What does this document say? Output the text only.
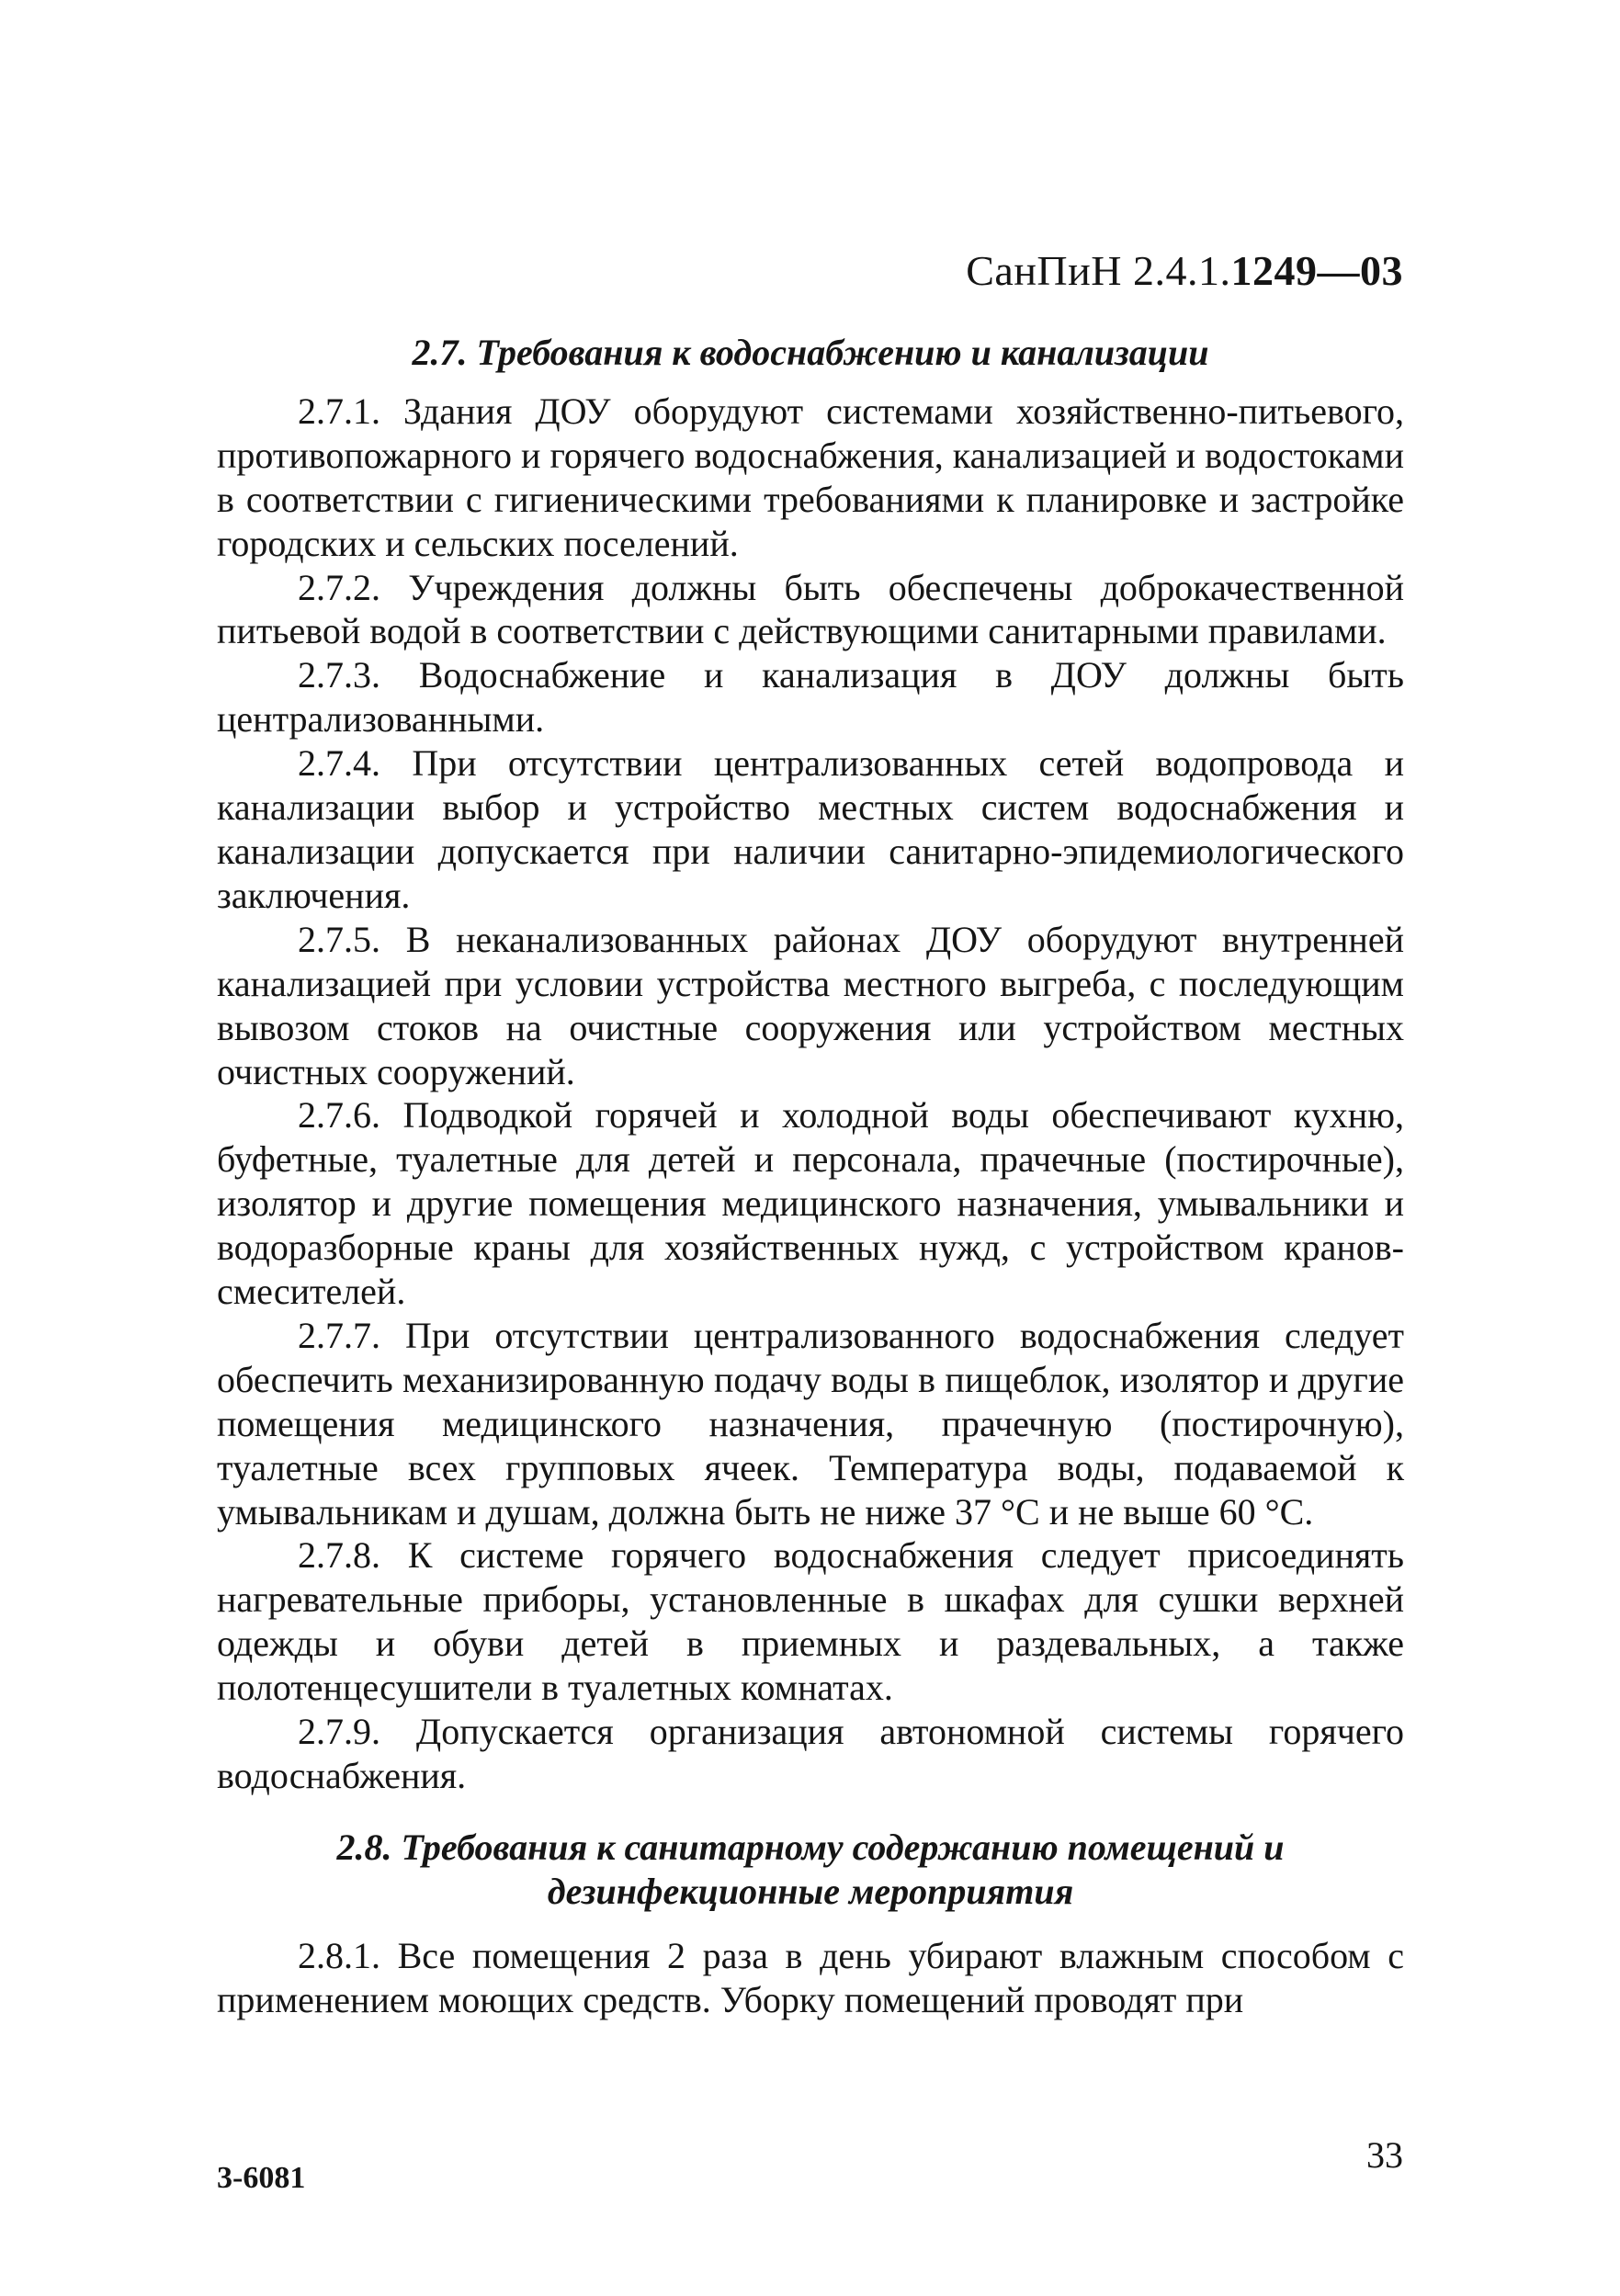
СанПиН 2.4.1.1249—03
2.7. Требования к водоснабжению и канализации

2.7.1. Здания ДОУ оборудуют системами хозяйственно-питьевого, противопожарного и горячего водоснабжения, канализацией и водостоками в соответствии с гигиеническими требованиями к планировке и застройке городских и сельских поселений.

2.7.2. Учреждения должны быть обеспечены доброкачественной питьевой водой в соответствии с действующими санитарными правилами.

2.7.3. Водоснабжение и канализация в ДОУ должны быть централизованными.

2.7.4. При отсутствии централизованных сетей водопровода и канализации выбор и устройство местных систем водоснабжения и канализации допускается при наличии санитарно-эпидемиологического заключения.

2.7.5. В неканализованных районах ДОУ оборудуют внутренней канализацией при условии устройства местного выгреба, с последующим вывозом стоков на очистные сооружения или устройством местных очистных сооружений.

2.7.6. Подводкой горячей и холодной воды обеспечивают кухню, буфетные, туалетные для детей и персонала, прачечные (постирочные), изолятор и другие помещения медицинского назначения, умывальники и водоразборные краны для хозяйственных нужд, с устройством кранов-смесителей.

2.7.7. При отсутствии централизованного водоснабжения следует обеспечить механизированную подачу воды в пищеблок, изолятор и другие помещения медицинского назначения, прачечную (постирочную), туалетные всех групповых ячеек. Температура воды, подаваемой к умывальникам и душам, должна быть не ниже 37 °С и не выше 60 °С.

2.7.8. К системе горячего водоснабжения следует присоединять нагревательные приборы, установленные в шкафах для сушки верхней одежды и обуви детей в приемных и раздевальных, а также полотенцесушители в туалетных комнатах.

2.7.9. Допускается организация автономной системы горячего водоснабжения.

2.8. Требования к санитарному содержанию помещений и
дезинфекционные мероприятия

2.8.1. Все помещения 2 раза в день убирают влажным способом с применением моющих средств. Уборку помещений проводят при

3-6081
33
